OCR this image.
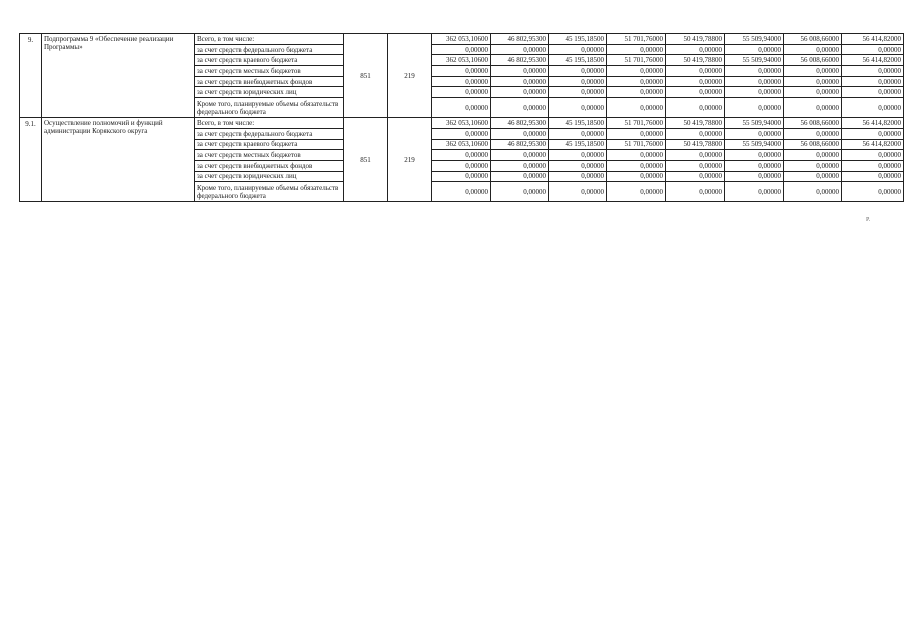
9.	Подпрограмма 9 «Обеспечение реализации Программы»	Всего, в том числе:	851	219	362 053,10600	46 802,95300	45 195,18500	51 701,76000	50 419,78800	55 509,94000	56 008,66000	56 414,82000
		за счет средств федерального бюджета			0,00000	0,00000	0,00000	0,00000	0,00000	0,00000	0,00000	0,00000
		за счет средств краевого бюджета			362 053,10600	46 802,95300	45 195,18500	51 701,76000	50 419,78800	55 509,94000	56 008,66000	56 414,82000
		за счет средств местных бюджетов			0,00000	0,00000	0,00000	0,00000	0,00000	0,00000	0,00000	0,00000
		за счет средств внебюджетных фондов			0,00000	0,00000	0,00000	0,00000	0,00000	0,00000	0,00000	0,00000
		за счет средств юридических лиц			0,00000	0,00000	0,00000	0,00000	0,00000	0,00000	0,00000	0,00000
		Кроме того, планируемые объемы обязательств федерального бюджета			0,00000	0,00000	0,00000	0,00000	0,00000	0,00000	0,00000	0,00000
9.1.	Осуществление полномочий и функций администрации Корякского округа	Всего, в том числе:	851	219	362 053,10600	46 802,95300	45 195,18500	51 701,76000	50 419,78800	55 509,94000	56 008,66000	56 414,82000
		за счет средств федерального бюджета			0,00000	0,00000	0,00000	0,00000	0,00000	0,00000	0,00000	0,00000
		за счет средств краевого бюджета			362 053,10600	46 802,95300	45 195,18500	51 701,76000	50 419,78800	55 509,94000	56 008,66000	56 414,82000
		за счет средств местных бюджетов			0,00000	0,00000	0,00000	0,00000	0,00000	0,00000	0,00000	0,00000
		за счет средств внебюджетных фондов			0,00000	0,00000	0,00000	0,00000	0,00000	0,00000	0,00000	0,00000
		за счет средств юридических лиц			0,00000	0,00000	0,00000	0,00000	0,00000	0,00000	0,00000	0,00000
		Кроме того, планируемые объемы обязательств федерального бюджета			0,00000	0,00000	0,00000	0,00000	0,00000	0,00000	0,00000	0,00000
P.
